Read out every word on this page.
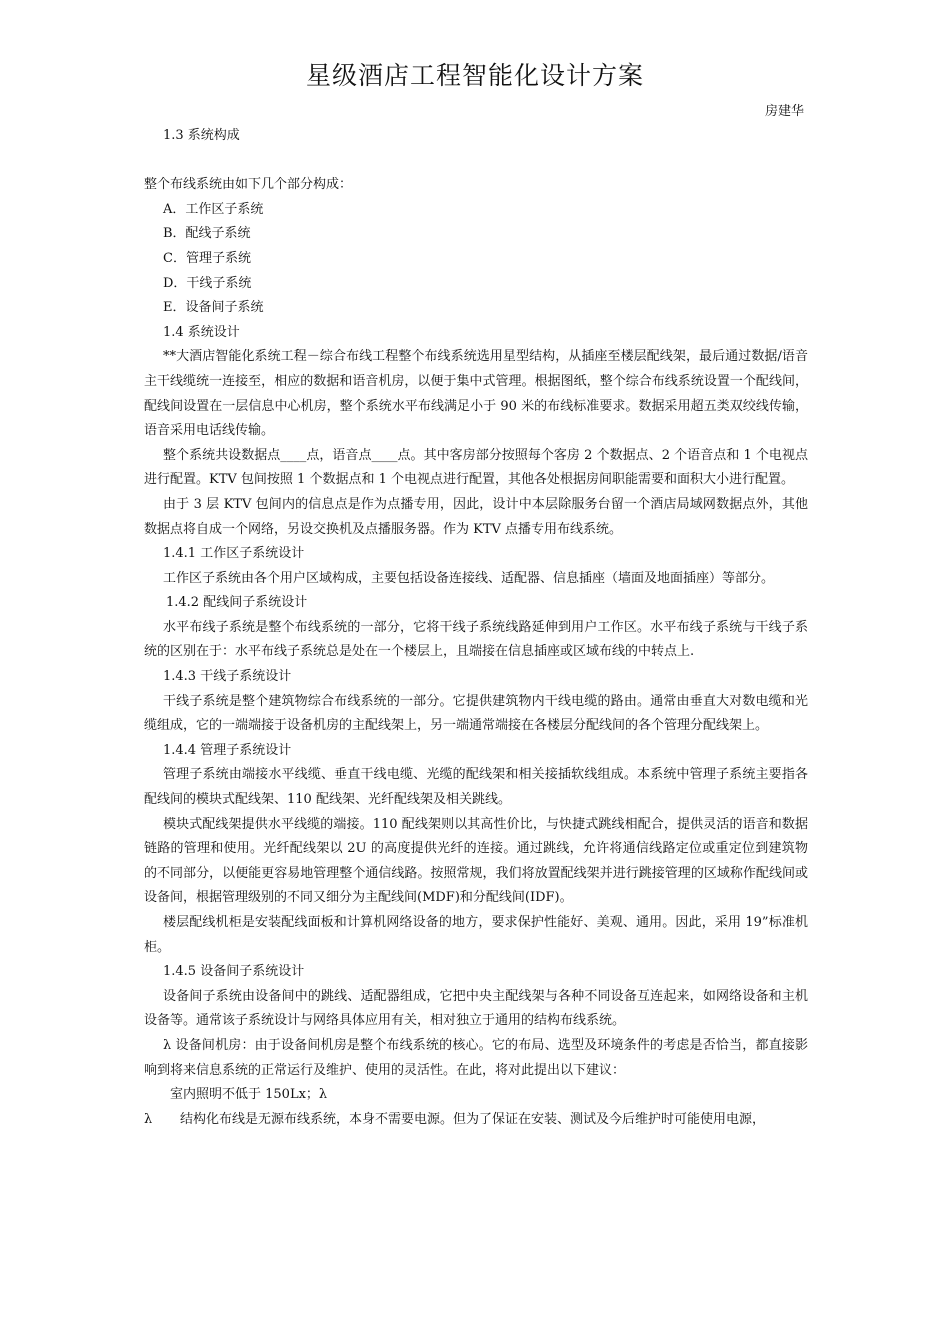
星级酒店工程智能化设计方案
房建华

1.3 系统构成

整个布线系统由如下几个部分构成：

A．工作区子系统

B．配线子系统

C．管理子系统

D．干线子系统

E．设备间子系统

1.4 系统设计

**大酒店智能化系统工程－综合布线工程整个布线系统选用星型结构，从插座至楼层配线架，最后通过数据/语音主干线缆统一连接至，相应的数据和语音机房，以便于集中式管理。根据图纸，整个综合布线系统设置一个配线间，配线间设置在一层信息中心机房，整个系统水平布线满足小于 90 米的布线标准要求。数据采用超五类双绞线传输，语音采用电话线传输。

整个系统共设数据点____点，语音点____点。其中客房部分按照每个客房 2 个数据点、2 个语音点和 1 个电视点进行配置。KTV 包间按照 1 个数据点和 1 个电视点进行配置，其他各处根据房间职能需要和面积大小进行配置。

由于 3 层 KTV 包间内的信息点是作为点播专用，因此，设计中本层除服务台留一个酒店局域网数据点外，其他数据点将自成一个网络，另设交换机及点播服务器。作为 KTV 点播专用布线系统。

1.4.1 工作区子系统设计

工作区子系统由各个用户区域构成，主要包括设备连接线、适配器、信息插座（墙面及地面插座）等部分。

1.4.2 配线间子系统设计

水平布线子系统是整个布线系统的一部分，它将干线子系统线路延伸到用户工作区。水平布线子系统与干线子系统的区别在于：水平布线子系统总是处在一个楼层上，且端接在信息插座或区域布线的中转点上.

1.4.3 干线子系统设计

干线子系统是整个建筑物综合布线系统的一部分。它提供建筑物内干线电缆的路由。通常由垂直大对数电缆和光缆组成，它的一端端接于设备机房的主配线架上，另一端通常端接在各楼层分配线间的各个管理分配线架上。

1.4.4 管理子系统设计

管理子系统由端接水平线缆、垂直干线电缆、光缆的配线架和相关接插软线组成。本系统中管理子系统主要指各配线间的模块式配线架、110 配线架、光纤配线架及相关跳线。

模块式配线架提供水平线缆的端接。110 配线架则以其高性价比，与快捷式跳线相配合，提供灵活的语音和数据链路的管理和使用。光纤配线架以 2U 的高度提供光纤的连接。通过跳线，允许将通信线路定位或重定位到建筑物的不同部分，以便能更容易地管理整个通信线路。按照常规，我们将放置配线架并进行跳接管理的区域称作配线间或设备间，根据管理级别的不同又细分为主配线间(MDF)和分配线间(IDF)。

楼层配线机柜是安装配线面板和计算机网络设备的地方，要求保护性能好、美观、通用。因此，采用 19”标准机柜。

1.4.5 设备间子系统设计

设备间子系统由设备间中的跳线、适配器组成，它把中央主配线架与各种不同设备互连起来，如网络设备和主机设备等。通常该子系统设计与网络具体应用有关，相对独立于通用的结构布线系统。

λ 设备间机房：由于设备间机房是整个布线系统的核心。它的布局、选型及环境条件的考虑是否恰当，都直接影响到将来信息系统的正常运行及维护、使用的灵活性。在此，将对此提出以下建议：

室内照明不低于 150Lx；λ

λ	结构化布线是无源布线系统，本身不需要电源。但为了保证在安装、测试及今后维护时可能使用电源，
